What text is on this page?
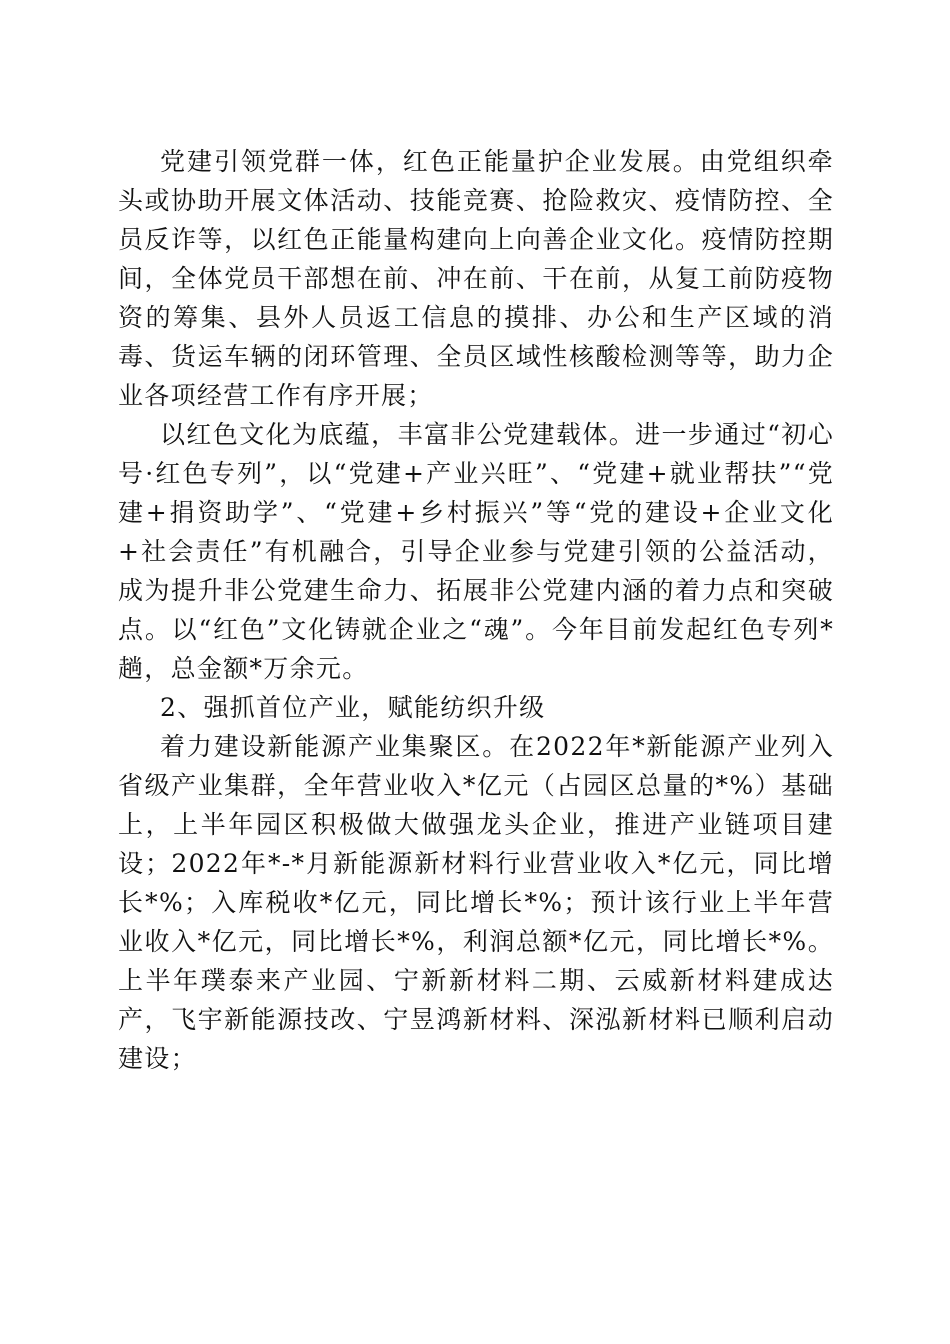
党建引领党群一体，红色正能量护企业发展。由党组织牵头或协助开展文体活动、技能竞赛、抢险救灾、疫情防控、全员反诈等，以红色正能量构建向上向善企业文化。疫情防控期间，全体党员干部想在前、冲在前、干在前，从复工前防疫物资的筹集、县外人员返工信息的摸排、办公和生产区域的消毒、货运车辆的闭环管理、全员区域性核酸检测等等，助力企业各项经营工作有序开展；

以红色文化为底蕴，丰富非公党建载体。进一步通过“初心号·红色专列”，以“党建+产业兴旺”、“党建+就业帮扶”“党建+捐资助学”、“党建+乡村振兴”等“党的建设+企业文化+社会责任”有机融合，引导企业参与党建引领的公益活动，成为提升非公党建生命力、拓展非公党建内涵的着力点和突破点。以“红色”文化铸就企业之“魂”。今年目前发起红色专列*趟，总金额*万余元。

2、强抓首位产业，赋能纺织升级

着力建设新能源产业集聚区。在2022年*新能源产业列入省级产业集群，全年营业收入*亿元（占园区总量的*%）基础上，上半年园区积极做大做强龙头企业，推进产业链项目建设；2022年*-*月新能源新材料行业营业收入*亿元，同比增长*%；入库税收*亿元，同比增长*%；预计该行业上半年营业收入*亿元，同比增长*%，利润总额*亿元，同比增长*%。上半年璞泰来产业园、宁新新材料二期、云威新材料建成达产，飞宇新能源技改、宁昱鸿新材料、深泓新材料已顺利启动建设；
